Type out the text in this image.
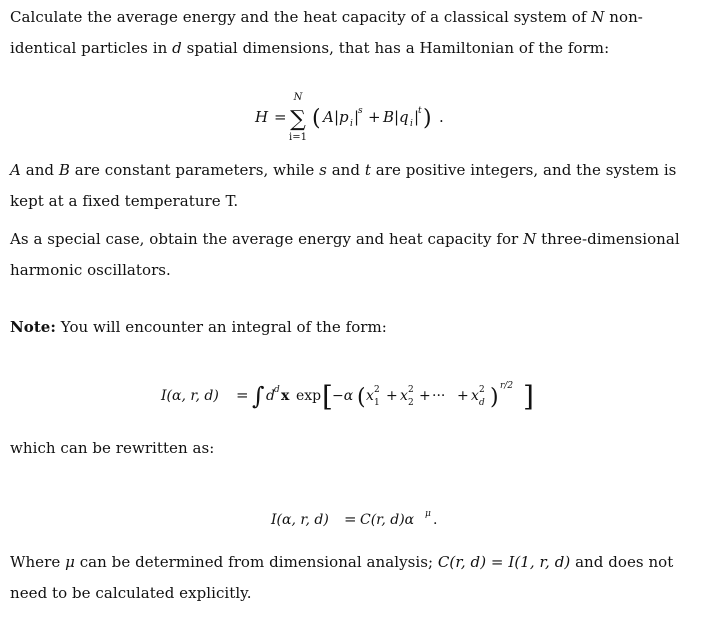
Calculate the average energy and the heat capacity of a classical system of N non-identical particles in d spatial dimensions, that has a Hamiltonian of the form:

H =
N
∑
i=1
( A |p i |
s + B |q i |
t ) .

A and B are constant parameters, while s and t are positive integers, and the system is kept at a fixed temperature T.

As a special case, obtain the average energy and heat capacity for N three-dimensional harmonic oscillators.

Note: You will encounter an integral of the form:

I(α, r, d) = ∫ d d x exp [ −α ( x 1
2 + x 2
2 + ··· + x d
2 ) r/2 ]

which can be rewritten as:

I(α, r, d) = C(r, d)α μ .

Where μ can be determined from dimensional analysis; C(r, d) = I(1, r, d) and does not need to be calculated explicitly.
